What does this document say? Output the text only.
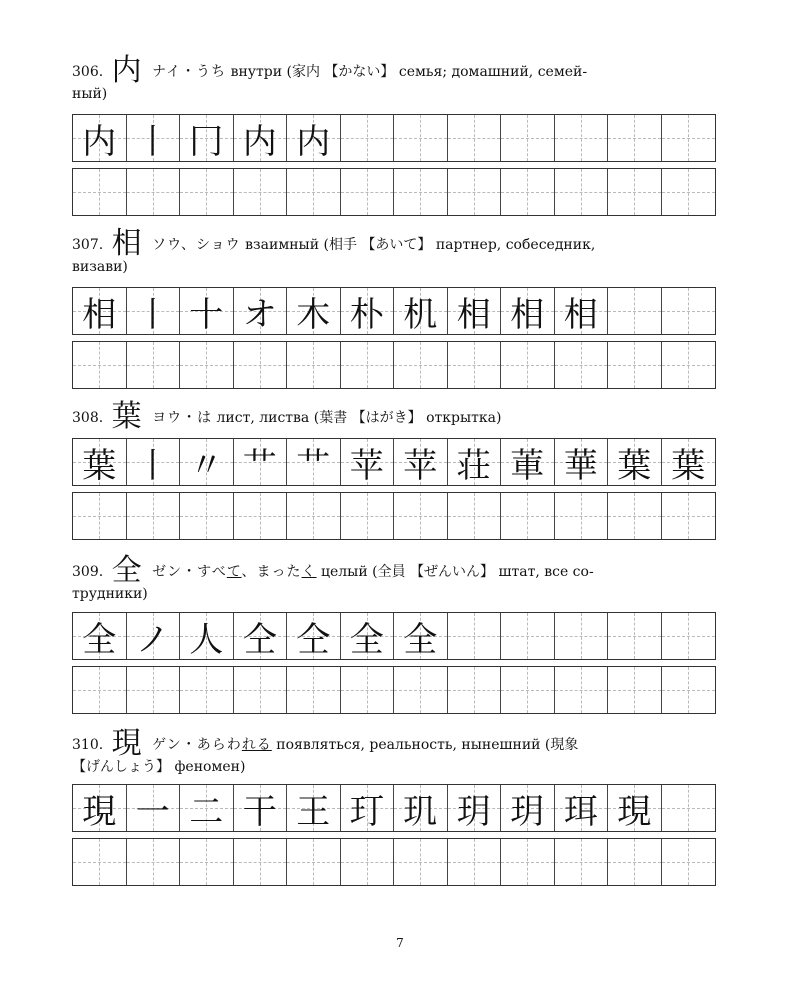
306. 内 ナイ・うち внутри (家内 【かない】 семья; домашний, семей-
ный)
内 丨 冂 内 内
307. 相 ソウ、ショウ взаимный (相手 【あいて】 партнер, собеседник,
визави)
相 丨 十 オ 木 朴 机 相 相 相
308. 葉 ヨウ・は лист, листва (葉書 【はがき】 открытка)
葉 丨 〃 艹 艹 苹 苹 荘 莗 華 葉 葉
309. 全 ゼン・すべて、まったく целый (全員 【ぜんいん】 штат, все со-
трудники)
全 ノ 人 仝 仝 全 全
310. 現 ゲン・あらわれる появляться, реальность, нынешний (現象
【げんしょう】 феномен)
現 一 二 干 王 玎 玑 玥 玥 珥 現
7
